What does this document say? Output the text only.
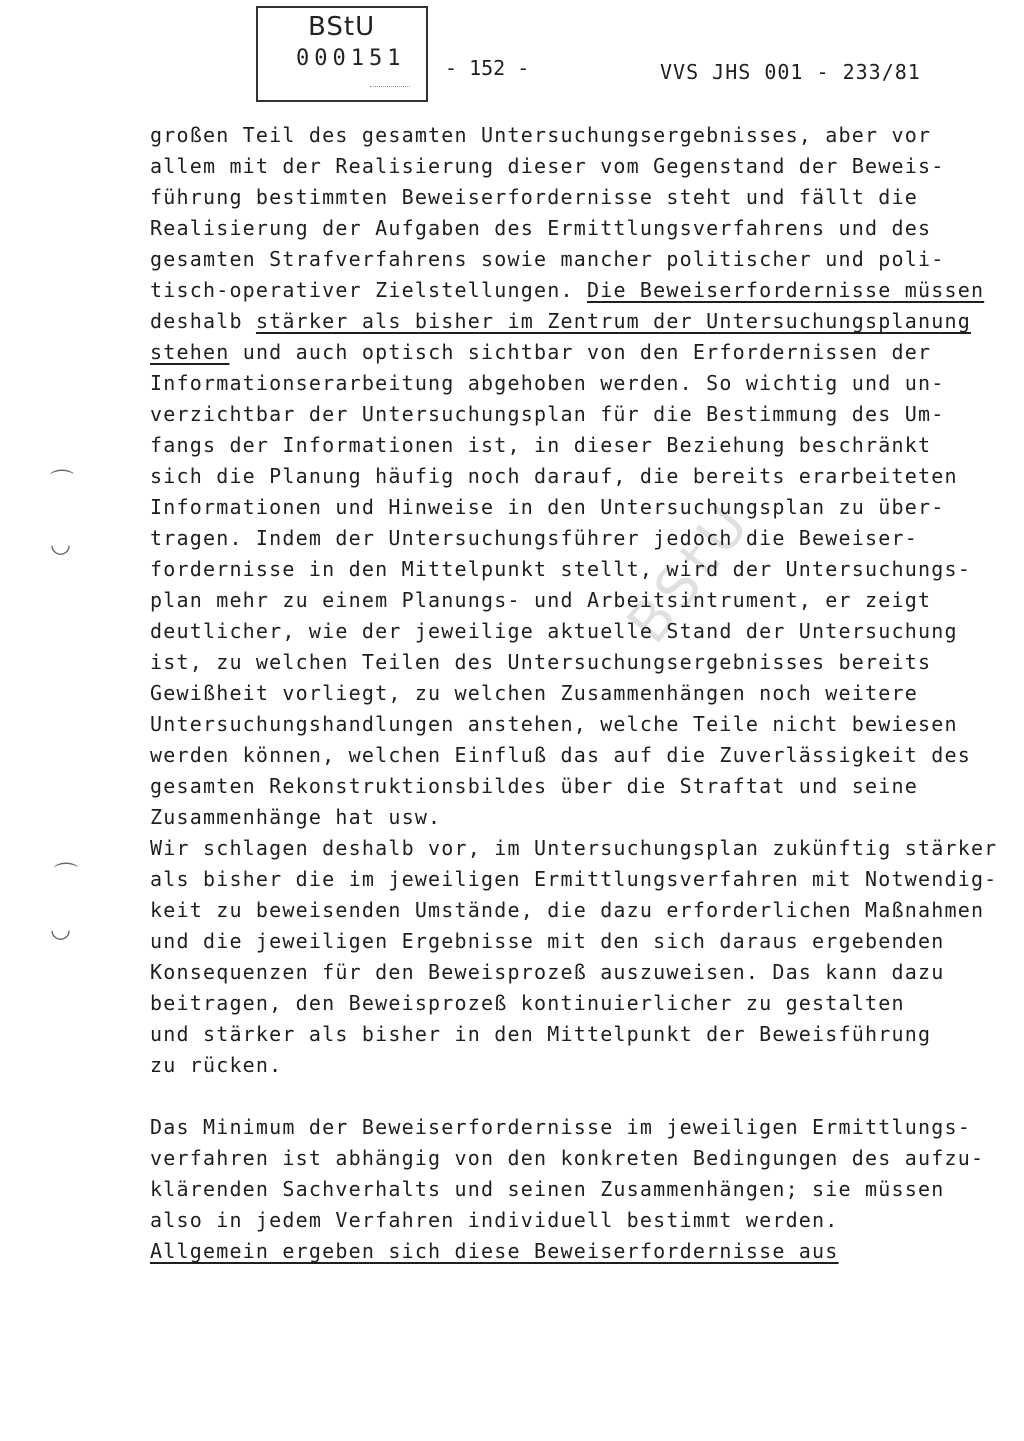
BStU
000151 - 152 -	VVS JHS 001 - 233/81
BStU
⌒
◡
⌒
◡
großen Teil des gesamten Untersuchungsergebnisses, aber vor
allem mit der Realisierung dieser vom Gegenstand der Beweis-
führung bestimmten Beweiserfordernisse steht und fällt die
Realisierung der Aufgaben des Ermittlungsverfahrens und des
gesamten Strafverfahrens sowie mancher politischer und poli-
tisch-operativer Zielstellungen. Die Beweiserfordernisse müssen
deshalb stärker als bisher im Zentrum der Untersuchungsplanung
stehen und auch optisch sichtbar von den Erfordernissen der
Informationserarbeitung abgehoben werden. So wichtig und un-
verzichtbar der Untersuchungsplan für die Bestimmung des Um-
fangs der Informationen ist, in dieser Beziehung beschränkt
sich die Planung häufig noch darauf, die bereits erarbeiteten
Informationen und Hinweise in den Untersuchungsplan zu über-
tragen. Indem der Untersuchungsführer jedoch die Beweiser-
fordernisse in den Mittelpunkt stellt, wird der Untersuchungs-
plan mehr zu einem Planungs- und Arbeitsintrument, er zeigt
deutlicher, wie der jeweilige aktuelle Stand der Untersuchung
ist, zu welchen Teilen des Untersuchungsergebnisses bereits
Gewißheit vorliegt, zu welchen Zusammenhängen noch weitere
Untersuchungshandlungen anstehen, welche Teile nicht bewiesen
werden können, welchen Einfluß das auf die Zuverlässigkeit des
gesamten Rekonstruktionsbildes über die Straftat und seine
Zusammenhänge hat usw.
Wir schlagen deshalb vor, im Untersuchungsplan zukünftig stärker
als bisher die im jeweiligen Ermittlungsverfahren mit Notwendig-
keit zu beweisenden Umstände, die dazu erforderlichen Maßnahmen
und die jeweiligen Ergebnisse mit den sich daraus ergebenden
Konsequenzen für den Beweisprozeß auszuweisen. Das kann dazu
beitragen, den Beweisprozeß kontinuierlicher zu gestalten
und stärker als bisher in den Mittelpunkt der Beweisführung
zu rücken.
Das Minimum der Beweiserfordernisse im jeweiligen Ermittlungs-
verfahren ist abhängig von den konkreten Bedingungen des aufzu-
klärenden Sachverhalts und seinen Zusammenhängen; sie müssen
also in jedem Verfahren individuell bestimmt werden.
Allgemein ergeben sich diese Beweiserfordernisse aus
